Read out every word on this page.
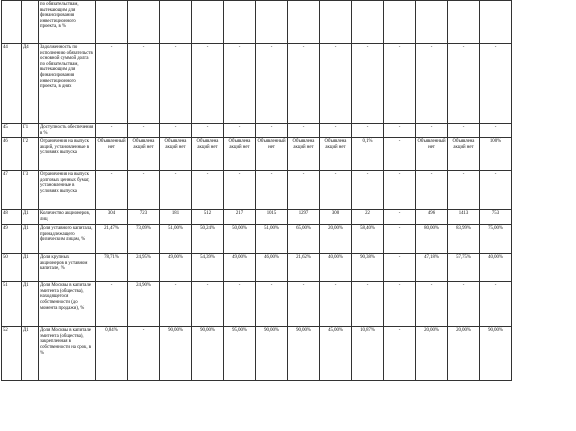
		по обязательствам, вытекающим для финансирования инвестиционного проекта, в %													
44	Д4	Задолженность по исполнению обязательств основной суммой долга по обязательствам, вытекающим для финансирования инвестиционного проекта, в днях	-	-	-	-	-	-	-	-	-	-	-	-	-
45	Г1	Доступность обеспечения в %	-	-	-	-	-	-	-	-	-	-	-	-	-
46	Г2	Ограничения на выпуск акций, установленные в условиях выпуска	Объявленный нет	Объявлена акций нет	Объявлена акций нет	Объявлена акций нет	Объявлена акций нет	Объявленный нет	Объявлена акций нет	Объявлена акций нет	0,1%	-	Объявленный нет	Объявлена акций нет	100%
47	Г3	Ограничения на выпуск долговых ценных бумаг, установленные в условиях выпуска	-	-	-	-	-	-	-	-	-	-	-	-	-
48	Д1	Количество акционеров, лиц	304	723	181	512	217	1015	1297	300	22	-	496	1413	753
49	Д1	Доля уставного капитала, принадлежащего физическим лицам, %	21,47%	73,09%	51,00%	50,24%	50,00%	51,00%	65,00%	20,00%	58,40%	-	80,00%	83,99%	75,00%
50	Д1	Доля крупных акционеров в уставном капитале, %	78,71%	24,95%	49,00%	54,39%	49,00%	46,00%	21,62%	40,00%	90,38%	-	47,18%	57,75%	40,00%
51	Д1	Доля Москвы в капитале эмитента (общества), находящегося собственности (до момента продажи), %	-	24,90%	-	-	-	-	-	-	-	-	-	-	-
52	Д1	Доля Москвы в капитале эмитента (общества), закрепленная в собственности на срок, в %	0,84%	-	90,00%	90,00%	95,00%	90,00%	90,00%	45,00%	10,87%	-	20,00%	20,00%	90,00%
